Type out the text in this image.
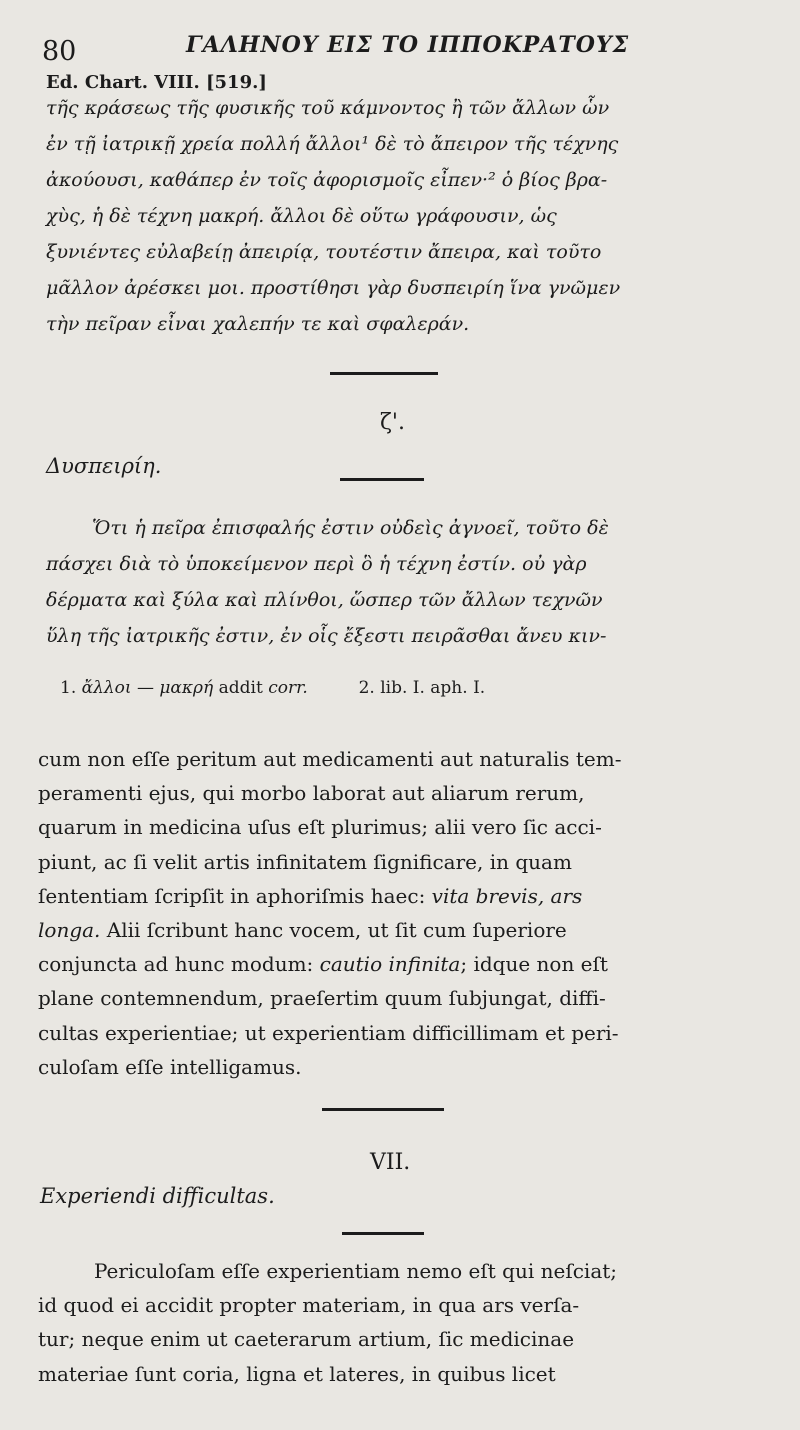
80	ΓΑΛΗΝΟΥ ΕΙΣ ΤΟ ΙΠΠΟΚΡΑΤΟΥΣ
Ed. Chart. VIII. [519.]
τῆς κράσεως τῆς φυσικῆς τοῦ κάμνοντος ἢ τῶν ἄλλων ὧν
ἐν τῇ ἰατρικῇ χρεία πολλή ἄλλοι¹ δὲ τὸ ἄπειρον τῆς τέχνης
ἀκούουσι, καθάπερ ἐν τοῖς ἀφορισμοῖς εἶπεν·² ὁ βίος βρα-
χὺς, ἡ δὲ τέχνη μακρή. ἄλλοι δὲ οὕτω γράφουσιν, ὡς
ξυνιέντες εὐλαβείῃ ἀπειρίᾳ, τουτέστιν ἄπειρα, καὶ τοῦτο
μᾶλλον ἀρέσκει μοι. προστίθησι γὰρ δυσπειρίη ἵνα γνῶμεν
τὴν πεῖραν εἶναι χαλεπήν τε καὶ σφαλεράν.
ζ'.
Δυσπειρίη.
Ὅτι ἡ πεῖρα ἐπισφαλής ἐστιν οὐδεὶς ἀγνοεῖ, τοῦτο δὲ
πάσχει διὰ τὸ ὑποκείμενον περὶ ὃ ἡ τέχνη ἐστίν. οὐ γὰρ
δέρματα καὶ ξύλα καὶ πλίνθοι, ὥσπερ τῶν ἄλλων τεχνῶν
ὕλη τῆς ἰατρικῆς ἐστιν, ἐν οἷς ἔξεστι πειρᾶσθαι ἄνευ κιν-
1. ἄλλοι — μακρή addit corr.	2. lib. I. aph. I.
cum non eſſe peritum aut medicamenti aut naturalis tem-
peramenti ejus, qui morbo laborat aut aliarum rerum,
quarum in medicina uſus eſt plurimus; alii vero ſic acci-
piunt, ac ſi velit artis infinitatem ſignificare, in quam
ſententiam ſcripſit in aphoriſmis haec: vita brevis, ars
longa. Alii ſcribunt hanc vocem, ut ſit cum ſuperiore
conjuncta ad hunc modum: cautio infinita; idque non eſt
plane contemnendum, praeſertim quum ſubjungat, diffi-
cultas experientiae; ut experientiam difficillimam et peri-
culoſam eſſe intelligamus.
VII.
Experiendi difficultas.
Periculoſam eſſe experientiam nemo eſt qui neſciat;
id quod ei accidit propter materiam, in qua ars verſa-
tur; neque enim ut caeterarum artium, ſic medicinae
materiae ſunt coria, ligna et lateres, in quibus licet
